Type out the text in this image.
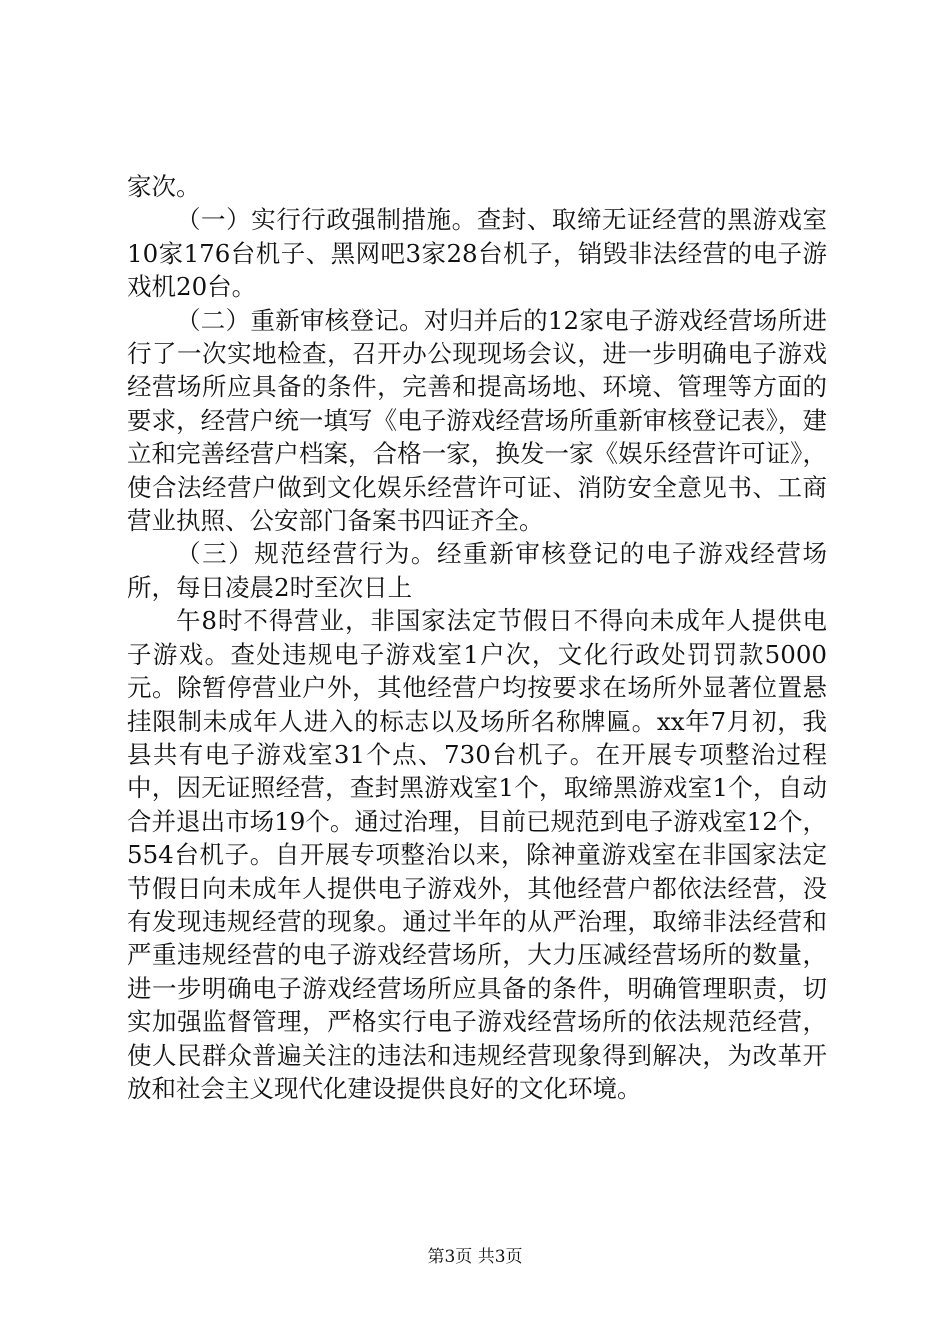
家次。

（一）实行行政强制措施。查封、取缔无证经营的黑游戏室10家176台机子、黑网吧3家28台机子，销毁非法经营的电子游戏机20台。

（二）重新审核登记。对归并后的12家电子游戏经营场所进行了一次实地检查，召开办公现现场会议，进一步明确电子游戏经营场所应具备的条件，完善和提高场地、环境、管理等方面的要求，经营户统一填写《电子游戏经营场所重新审核登记表》，建立和完善经营户档案，合格一家，换发一家《娱乐经营许可证》，使合法经营户做到文化娱乐经营许可证、消防安全意见书、工商营业执照、公安部门备案书四证齐全。

（三）规范经营行为。经重新审核登记的电子游戏经营场所，每日凌晨2时至次日上

午8时不得营业，非国家法定节假日不得向未成年人提供电子游戏。查处违规电子游戏室1户次，文化行政处罚罚款5000元。除暂停营业户外，其他经营户均按要求在场所外显著位置悬挂限制未成年人进入的标志以及场所名称牌匾。xx年7月初，我县共有电子游戏室31个点、730台机子。在开展专项整治过程中，因无证照经营，查封黑游戏室1个，取缔黑游戏室1个，自动合并退出市场19个。通过治理，目前已规范到电子游戏室12个，554台机子。自开展专项整治以来，除神童游戏室在非国家法定节假日向未成年人提供电子游戏外，其他经营户都依法经营，没有发现违规经营的现象。通过半年的从严治理，取缔非法经营和严重违规经营的电子游戏经营场所，大力压减经营场所的数量，进一步明确电子游戏经营场所应具备的条件，明确管理职责，切实加强监督管理，严格实行电子游戏经营场所的依法规范经营，使人民群众普遍关注的违法和违规经营现象得到解决，为改革开放和社会主义现代化建设提供良好的文化环境。

第3页 共3页
